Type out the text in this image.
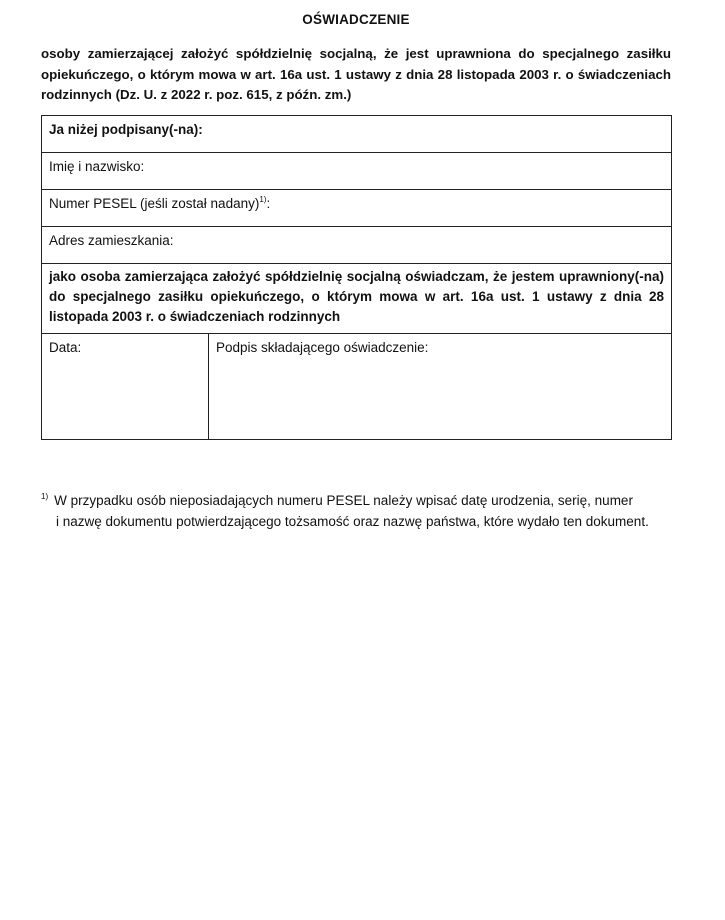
OŚWIADCZENIE
osoby zamierzającej założyć spółdzielnię socjalną, że jest uprawniona do specjalnego zasiłku opiekuńczego, o którym mowa w art. 16a ust. 1 ustawy z dnia 28 listopada 2003 r. o świadczeniach rodzinnych (Dz. U. z 2022 r. poz. 615, z późn. zm.)
Ja niżej podpisany(-na):
Imię i nazwisko:
Numer PESEL (jeśli został nadany)$^{1)}$:
Adres zamieszkania:
jako osoba zamierzająca założyć spółdzielnię socjalną oświadczam, że jestem uprawniony(-na) do specjalnego zasiłku opiekuńczego, o którym mowa w art. 16a ust. 1 ustawy z dnia 28 listopada 2003 r. o świadczeniach rodzinnych
Data:	Podpis składającego oświadczenie:
$^{1)}$ W przypadku osób nieposiadających numeru PESEL należy wpisać datę urodzenia, serię, numer
i nazwę dokumentu potwierdzającego tożsamość oraz nazwę państwa, które wydało ten dokument.
